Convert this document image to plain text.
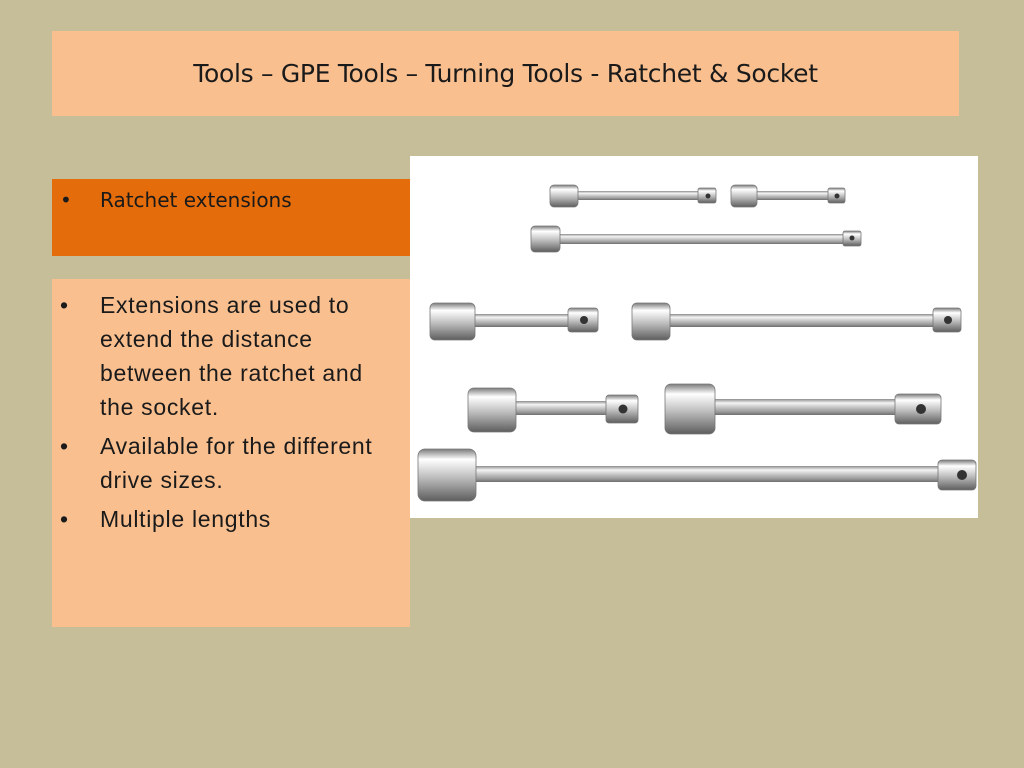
Tools – GPE Tools – Turning Tools - Ratchet & Socket
• Ratchet extensions
• Extensions are used to extend the distance between the ratchet and the socket.
• Available for the different drive sizes.
• Multiple lengths
